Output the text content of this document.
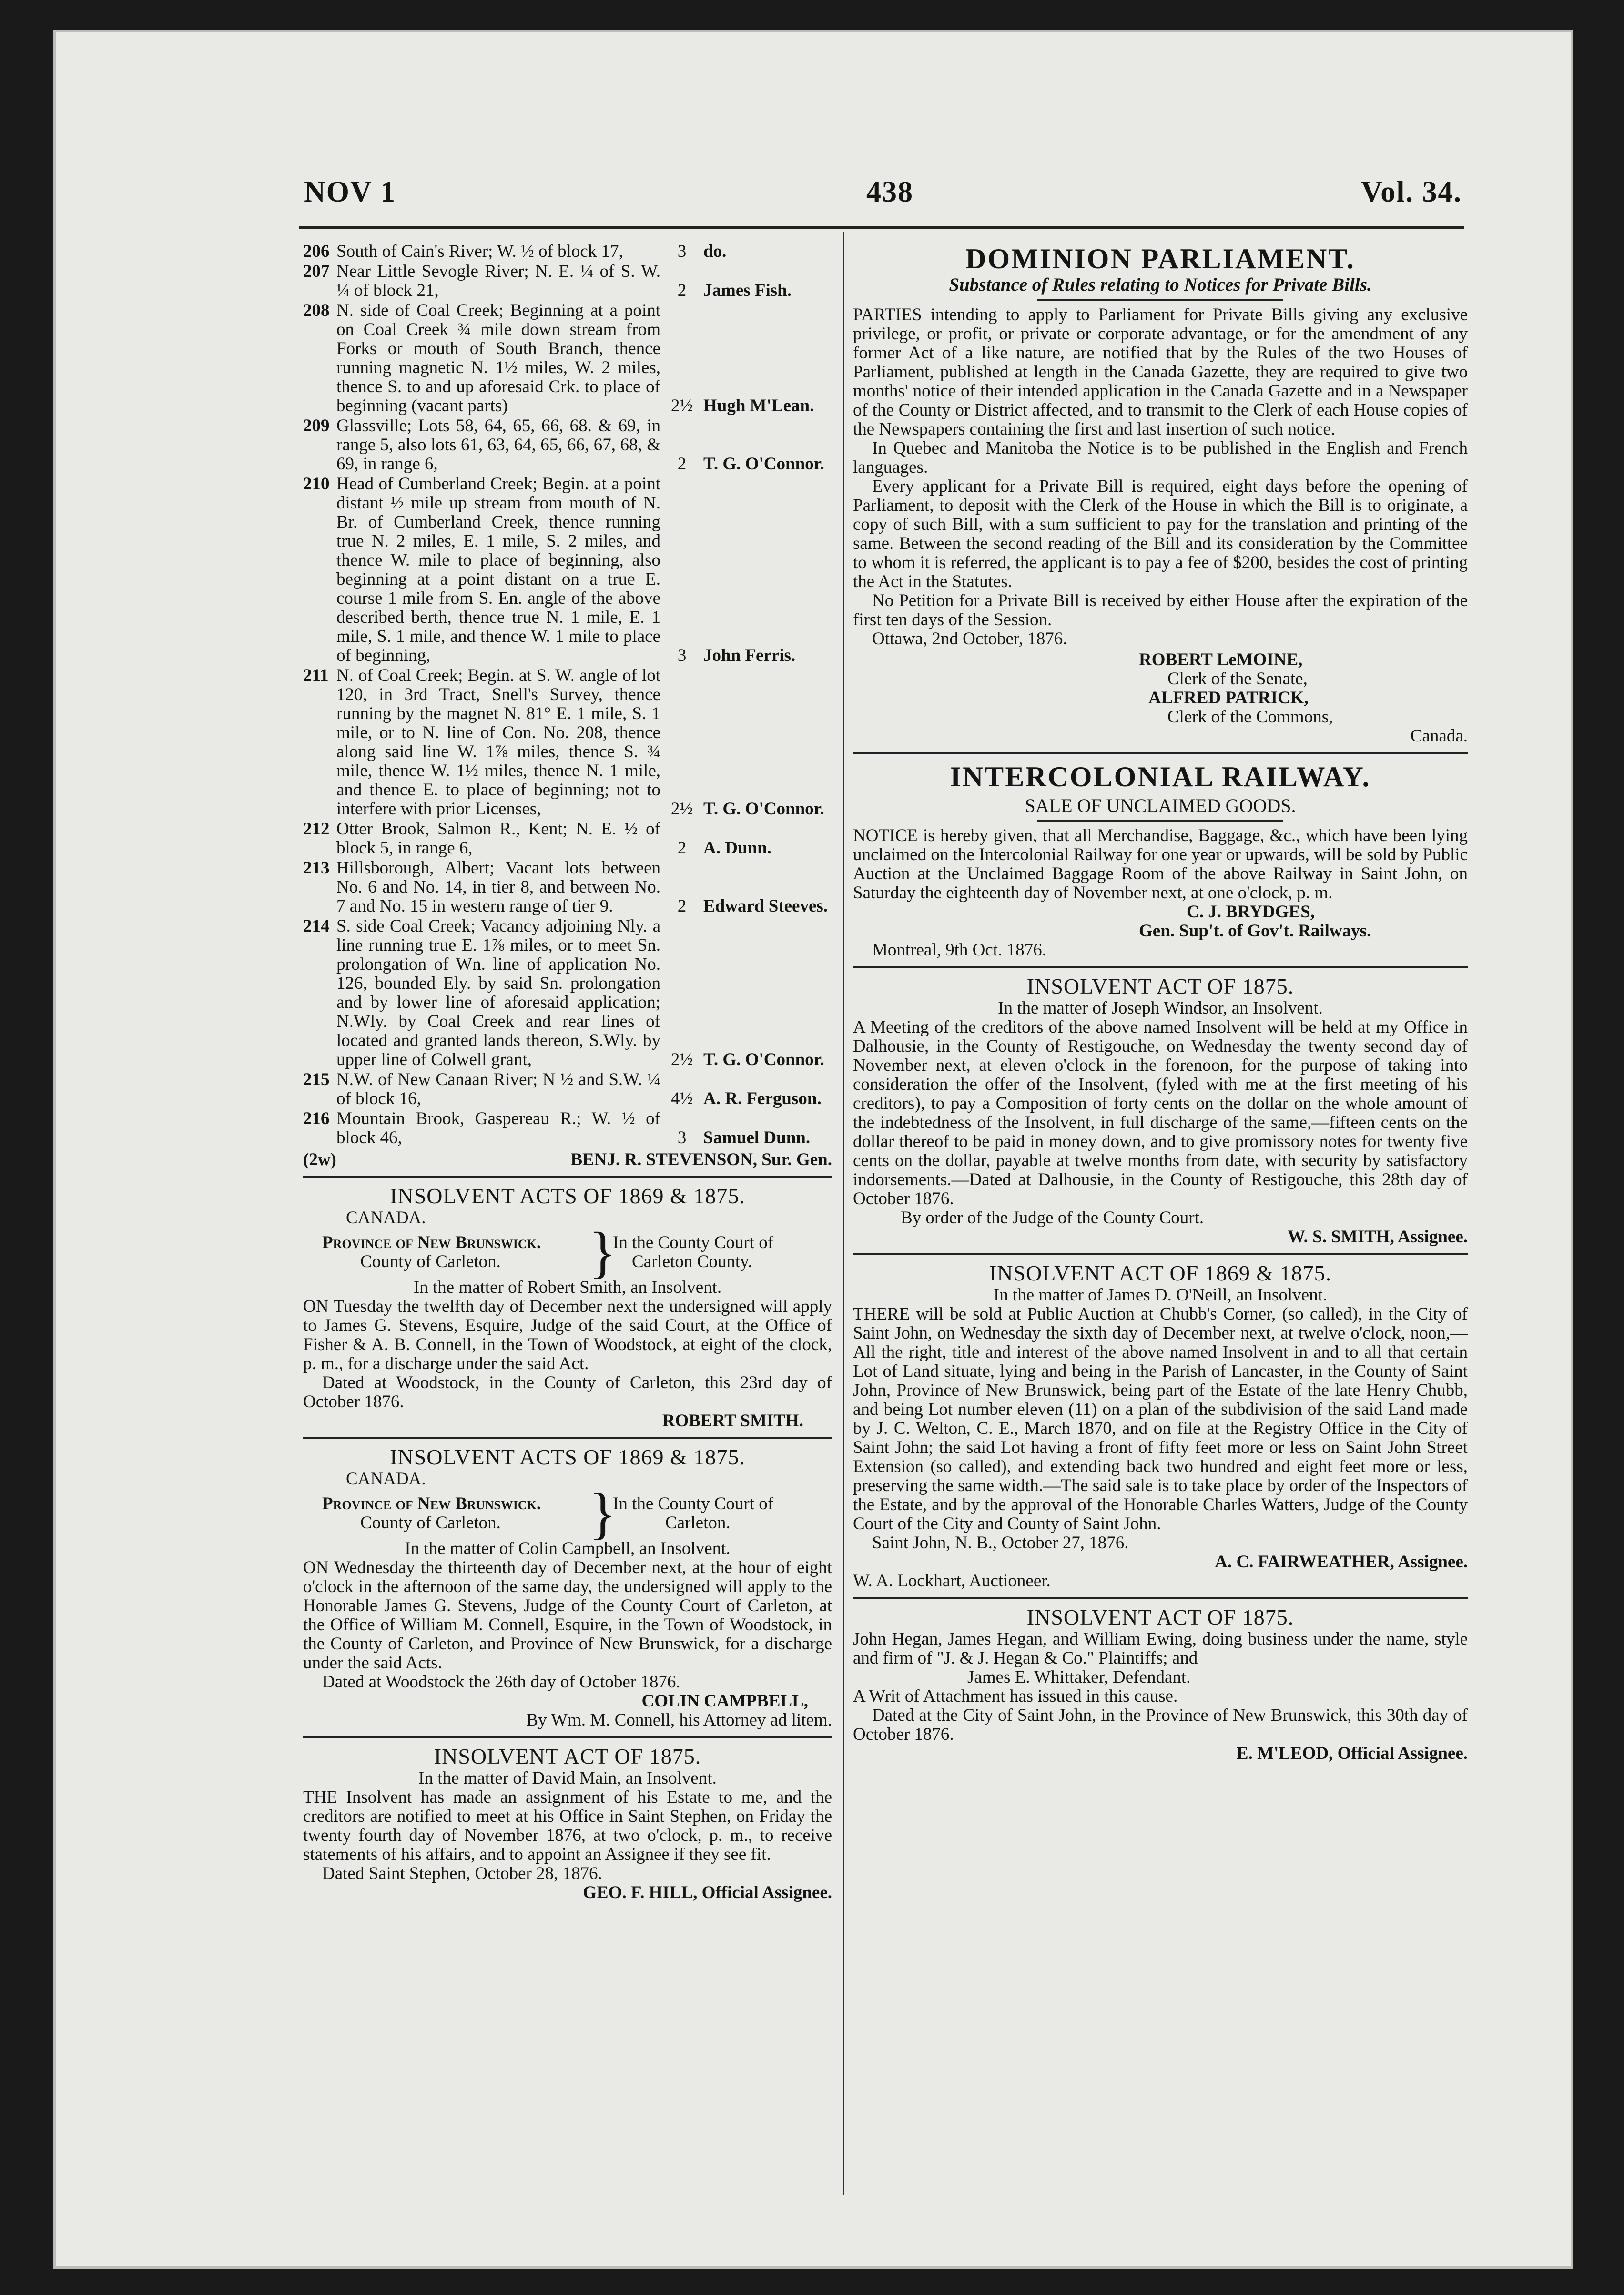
NOV 1	438	Vol. 34.
206 South of Cain's River; W. ½ of block 17,	3 do.
207 Near Little Sevogle River; N. E. ¼ of S. W. ¼ of block 21,	2 James Fish.
208 N. side of Coal Creek; Beginning at a point on Coal Creek ¾ mile down stream from Forks or mouth of South Branch, thence running magnetic N. 1½ miles, W. 2 miles, thence S. to and up aforesaid Crk. to place of beginning (vacant parts)	2½ Hugh M'Lean.
209 Glassville; Lots 58, 64, 65, 66, 68. & 69, in range 5, also lots 61, 63, 64, 65, 66, 67, 68, & 69, in range 6,	2 T. G. O'Connor.
210 Head of Cumberland Creek; Begin. at a point distant ½ mile up stream from mouth of N. Br. of Cumberland Creek, thence running true N. 2 miles, E. 1 mile, S. 2 miles, and thence W. mile to place of beginning, also beginning at a point distant on a true E. course 1 mile from S. En. angle of the above described berth, thence true N. 1 mile, E. 1 mile, S. 1 mile, and thence W. 1 mile to place of beginning,	3 John Ferris.
211 N. of Coal Creek; Begin. at S. W. angle of lot 120, in 3rd Tract, Snell's Survey, thence running by the magnet N. 81° E. 1 mile, S. 1 mile, or to N. line of Con. No. 208, thence along said line W. 1⅞ miles, thence S. ¾ mile, thence W. 1½ miles, thence N. 1 mile, and thence E. to place of beginning; not to interfere with prior Licenses,	2½ T. G. O'Connor.
212 Otter Brook, Salmon R., Kent; N. E. ½ of block 5, in range 6,	2 A. Dunn.
213 Hillsborough, Albert; Vacant lots between No. 6 and No. 14, in tier 8, and between No. 7 and No. 15 in western range of tier 9.	2 Edward Steeves.
214 S. side Coal Creek; Vacancy adjoining Nly. a line running true E. 1⅞ miles, or to meet Sn. prolongation of Wn. line of application No. 126, bounded Ely. by said Sn. prolongation and by lower line of aforesaid application; N.Wly. by Coal Creek and rear lines of located and granted lands thereon, S.Wly. by upper line of Colwell grant,	2½ T. G. O'Connor.
215 N.W. of New Canaan River; N ½ and S.W. ¼ of block 16,	4½ A. R. Ferguson.
216 Mountain Brook, Gaspereau R.; W. ½ of block 46,	3 Samuel Dunn.
(2w)	BENJ. R. STEVENSON, Sur. Gen.
INSOLVENT ACTS OF 1869 & 1875.
CANADA.
Province of New Brunswick.
County of Carleton.	}
In the County Court of
Carleton County.
In the matter of Robert Smith, an Insolvent.

ON Tuesday the twelfth day of December next the undersigned will apply to James G. Stevens, Esquire, Judge of the said Court, at the Office of Fisher & A. B. Connell, in the Town of Woodstock, at eight of the clock, p. m., for a discharge under the said Act.

Dated at Woodstock, in the County of Carleton, this 23rd day of October 1876.

ROBERT SMITH.
INSOLVENT ACTS OF 1869 & 1875.
CANADA.
Province of New Brunswick.
County of Carleton.	}
In the County Court of
Carleton.
In the matter of Colin Campbell, an Insolvent.

ON Wednesday the thirteenth day of December next, at the hour of eight o'clock in the afternoon of the same day, the undersigned will apply to the Honorable James G. Stevens, Judge of the County Court of Carleton, at the Office of William M. Connell, Esquire, in the Town of Woodstock, in the County of Carleton, and Province of New Brunswick, for a discharge under the said Acts.

Dated at Woodstock the 26th day of October 1876.

COLIN CAMPBELL,
By Wm. M. Connell, his Attorney ad litem.
INSOLVENT ACT OF 1875.
In the matter of David Main, an Insolvent.

THE Insolvent has made an assignment of his Estate to me, and the creditors are notified to meet at his Office in Saint Stephen, on Friday the twenty fourth day of November 1876, at two o'clock, p. m., to receive statements of his affairs, and to appoint an Assignee if they see fit.

Dated Saint Stephen, October 28, 1876.

GEO. F. HILL, Official Assignee.
DOMINION PARLIAMENT.
Substance of Rules relating to Notices for Private Bills.

PARTIES intending to apply to Parliament for Private Bills giving any exclusive privilege, or profit, or private or corporate advantage, or for the amendment of any former Act of a like nature, are notified that by the Rules of the two Houses of Parliament, published at length in the Canada Gazette, they are required to give two months' notice of their intended application in the Canada Gazette and in a Newspaper of the County or District affected, and to transmit to the Clerk of each House copies of the Newspapers containing the first and last insertion of such notice.

In Quebec and Manitoba the Notice is to be published in the English and French languages.

Every applicant for a Private Bill is required, eight days before the opening of Parliament, to deposit with the Clerk of the House in which the Bill is to originate, a copy of such Bill, with a sum sufficient to pay for the translation and printing of the same. Between the second reading of the Bill and its consideration by the Committee to whom it is referred, the applicant is to pay a fee of $200, besides the cost of printing the Act in the Statutes.

No Petition for a Private Bill is received by either House after the expiration of the first ten days of the Session.

Ottawa, 2nd October, 1876.

ROBERT LeMOINE,
Clerk of the Senate,
ALFRED PATRICK,
Clerk of the Commons,
Canada.
INTERCOLONIAL RAILWAY.
SALE OF UNCLAIMED GOODS.

NOTICE is hereby given, that all Merchandise, Baggage, &c., which have been lying unclaimed on the Intercolonial Railway for one year or upwards, will be sold by Public Auction at the Unclaimed Baggage Room of the above Railway in Saint John, on Saturday the eighteenth day of November next, at one o'clock, p. m.

C. J. BRYDGES,
Gen. Sup't. of Gov't. Railways.
Montreal, 9th Oct. 1876.
INSOLVENT ACT OF 1875.
In the matter of Joseph Windsor, an Insolvent.

A Meeting of the creditors of the above named Insolvent will be held at my Office in Dalhousie, in the County of Restigouche, on Wednesday the twenty second day of November next, at eleven o'clock in the forenoon, for the purpose of taking into consideration the offer of the Insolvent, (fyled with me at the first meeting of his creditors), to pay a Composition of forty cents on the dollar on the whole amount of the indebtedness of the Insolvent, in full discharge of the same,—fifteen cents on the dollar thereof to be paid in money down, and to give promissory notes for twenty five cents on the dollar, payable at twelve months from date, with security by satisfactory indorsements.—Dated at Dalhousie, in the County of Restigouche, this 28th day of October 1876.

By order of the Judge of the County Court.
W. S. SMITH, Assignee.
INSOLVENT ACT OF 1869 & 1875.
In the matter of James D. O'Neill, an Insolvent.

THERE will be sold at Public Auction at Chubb's Corner, (so called), in the City of Saint John, on Wednesday the sixth day of December next, at twelve o'clock, noon,—All the right, title and interest of the above named Insolvent in and to all that certain Lot of Land situate, lying and being in the Parish of Lancaster, in the County of Saint John, Province of New Brunswick, being part of the Estate of the late Henry Chubb, and being Lot number eleven (11) on a plan of the subdivision of the said Land made by J. C. Welton, C. E., March 1870, and on file at the Registry Office in the City of Saint John; the said Lot having a front of fifty feet more or less on Saint John Street Extension (so called), and extending back two hundred and eight feet more or less, preserving the same width.—The said sale is to take place by order of the Inspectors of the Estate, and by the approval of the Honorable Charles Watters, Judge of the County Court of the City and County of Saint John.

Saint John, N. B., October 27, 1876.
A. C. FAIRWEATHER, Assignee.
W. A. Lockhart, Auctioneer.
INSOLVENT ACT OF 1875.

John Hegan, James Hegan, and William Ewing, doing business under the name, style and firm of "J. & J. Hegan & Co." Plaintiffs; and

James E. Whittaker, Defendant.
A Writ of Attachment has issued in this cause.

Dated at the City of Saint John, in the Province of New Brunswick, this 30th day of October 1876.

E. M'LEOD, Official Assignee.
